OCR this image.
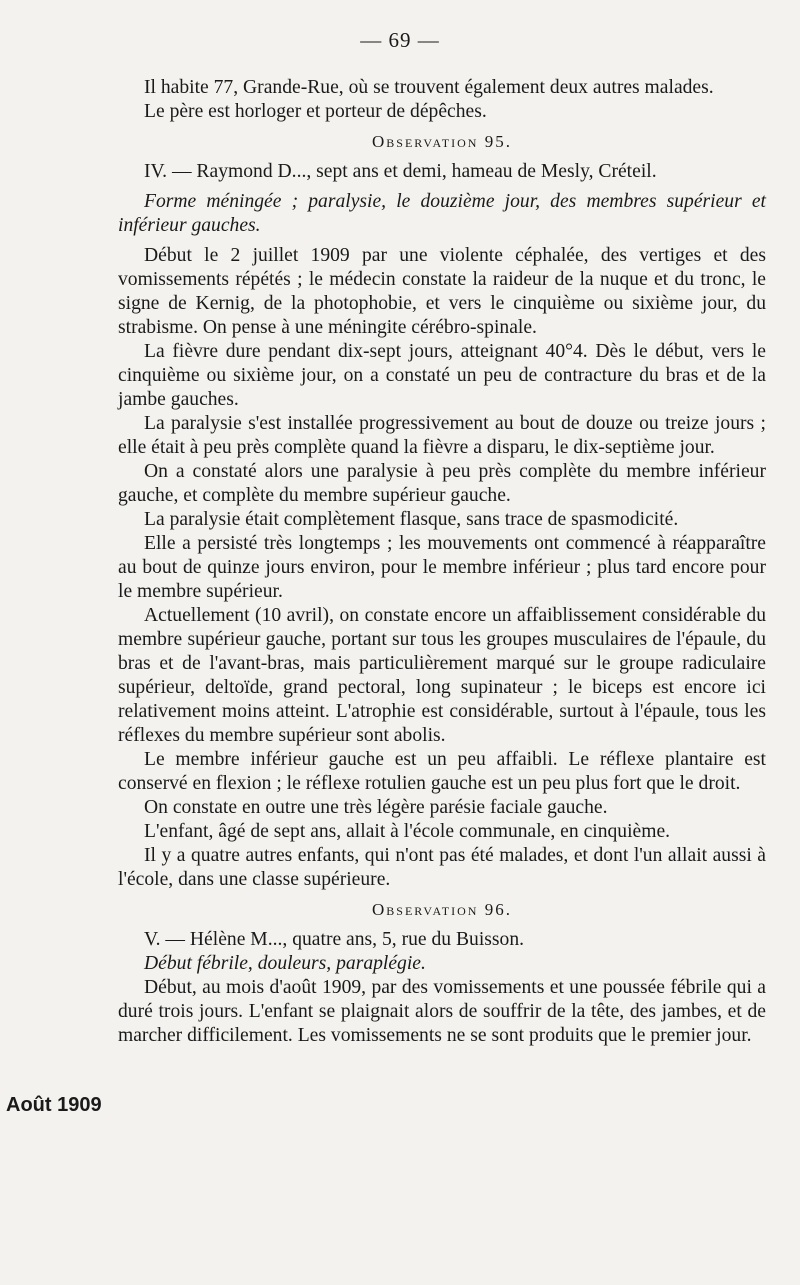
— 69 —
Août 1909

Il habite 77, Grande-Rue, où se trouvent également deux autres malades.

Le père est horloger et porteur de dépêches.

Observation 95.

IV. — Raymond D..., sept ans et demi, hameau de Mesly, Créteil.

Forme méningée ; paralysie, le douzième jour, des membres supérieur et inférieur gauches.

Début le 2 juillet 1909 par une violente céphalée, des vertiges et des vomissements répétés ; le médecin constate la raideur de la nuque et du tronc, le signe de Kernig, de la photophobie, et vers le cinquième ou sixième jour, du strabisme. On pense à une méningite cérébro-spinale.

La fièvre dure pendant dix-sept jours, atteignant 40°4. Dès le début, vers le cinquième ou sixième jour, on a constaté un peu de contracture du bras et de la jambe gauches.

La paralysie s'est installée progressivement au bout de douze ou treize jours ; elle était à peu près complète quand la fièvre a disparu, le dix-septième jour.

On a constaté alors une paralysie à peu près complète du membre inférieur gauche, et complète du membre supérieur gauche.

La paralysie était complètement flasque, sans trace de spasmodicité.

Elle a persisté très longtemps ; les mouvements ont commencé à réapparaître au bout de quinze jours environ, pour le membre inférieur ; plus tard encore pour le membre supérieur.

Actuellement (10 avril), on constate encore un affaiblissement considérable du membre supérieur gauche, portant sur tous les groupes musculaires de l'épaule, du bras et de l'avant-bras, mais particulièrement marqué sur le groupe radiculaire supérieur, deltoïde, grand pectoral, long supinateur ; le biceps est encore ici relativement moins atteint. L'atrophie est considérable, surtout à l'épaule, tous les réflexes du membre supérieur sont abolis.

Le membre inférieur gauche est un peu affaibli. Le réflexe plantaire est conservé en flexion ; le réflexe rotulien gauche est un peu plus fort que le droit.

On constate en outre une très légère parésie faciale gauche.

L'enfant, âgé de sept ans, allait à l'école communale, en cinquième.

Il y a quatre autres enfants, qui n'ont pas été malades, et dont l'un allait aussi à l'école, dans une classe supérieure.

Observation 96.

V. — Hélène M..., quatre ans, 5, rue du Buisson.

Début fébrile, douleurs, paraplégie.

Début, au mois d'août 1909, par des vomissements et une poussée fébrile qui a duré trois jours. L'enfant se plaignait alors de souffrir de la tête, des jambes, et de marcher difficilement. Les vomissements ne se sont produits que le premier jour.
